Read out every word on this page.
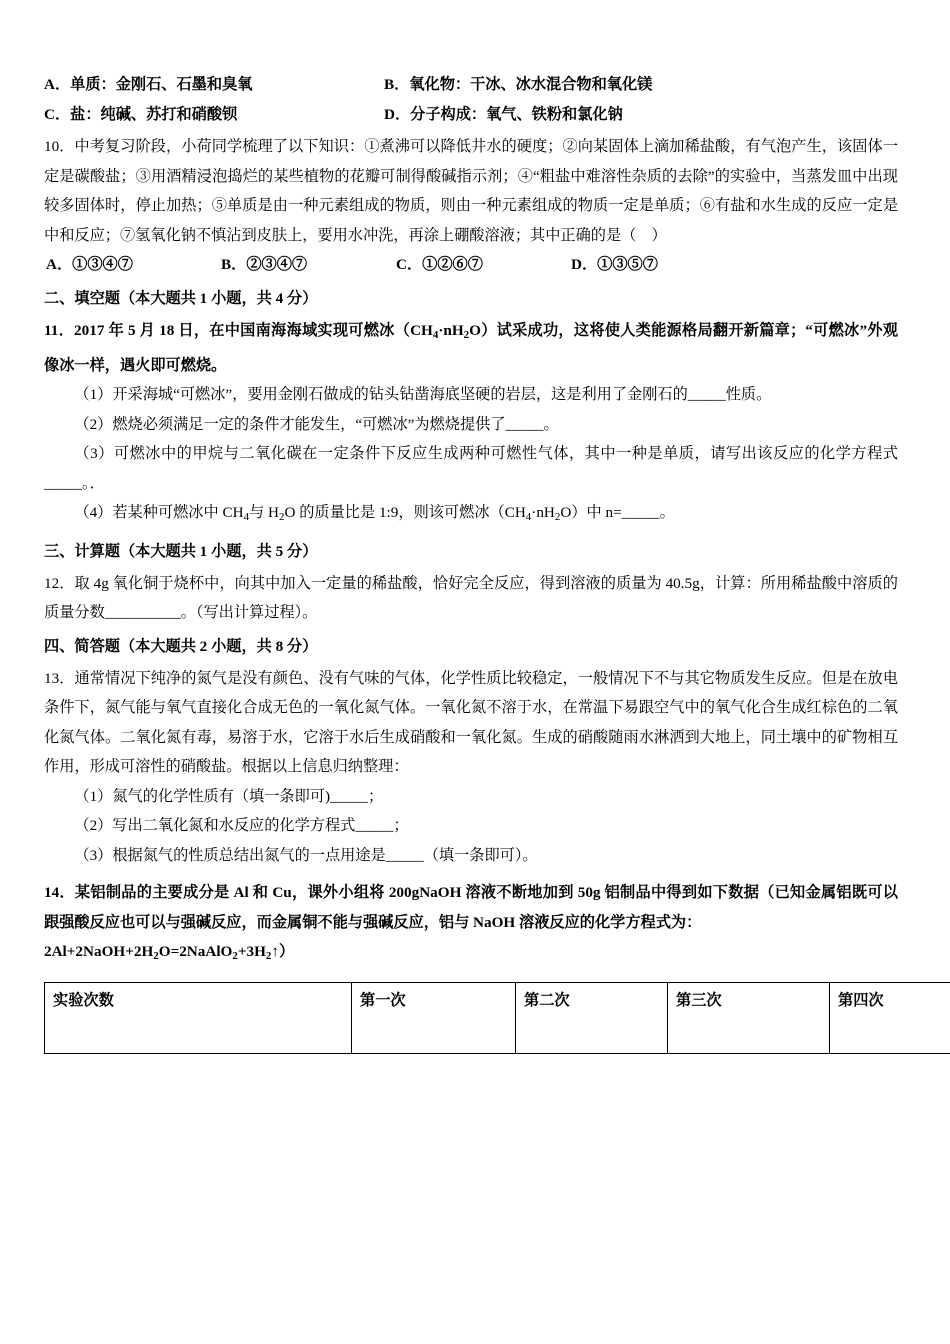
A．单质：金刚石、石墨和臭氧	B．氧化物：干冰、冰水混合物和氧化镁
C．盐：纯碱、苏打和硝酸钡	D．分子构成：氧气、铁粉和氯化钠
10．中考复习阶段，小荷同学梳理了以下知识：①煮沸可以降低井水的硬度；②向某固体上滴加稀盐酸，有气泡产生，该固体一定是碳酸盐；③用酒精浸泡捣烂的某些植物的花瓣可制得酸碱指示剂；④“粗盐中难溶性杂质的去除”的实验中，当蒸发皿中出现较多固体时，停止加热；⑤单质是由一种元素组成的物质，则由一种元素组成的物质一定是单质；⑥有盐和水生成的反应一定是中和反应；⑦氢氧化钠不慎沾到皮肤上，要用水冲洗，再涂上硼酸溶液；其中正确的是（    ）
A．①③④⑦	B．②③④⑦	C．①②⑥⑦	D．①③⑤⑦
二、填空题（本大题共 1 小题，共 4 分）
11．2017 年 5 月 18 日，在中国南海海域实现可燃冰$(CH_4\cdot nH_2O)$试采成功，这将使人类能源格局翻开新篇章；“可燃冰”外观像冰一样，遇火即可燃烧。
（1）开采海城“可燃冰”，要用金刚石做成的钻头钻凿海底坚硬的岩层，这是利用了金刚石的_____性质。
（2）燃烧必须满足一定的条件才能发生，“可燃冰”为燃烧提供了_____。
（3）可燃冰中的甲烷与二氧化碳在一定条件下反应生成两种可燃性气体，其中一种是单质，请写出该反应的化学方程式_____。．
（4）若某种可燃冰中 $CH_4$与 $H_2O$ 的质量比是 1:9，则该可燃冰$(CH_4\cdot nH_2O)$中 n=_____。
三、计算题（本大题共 1 小题，共 5 分）
12．取 4g 氧化铜于烧杯中，向其中加入一定量的稀盐酸，恰好完全反应，得到溶液的质量为 40.5g，计算：所用稀盐酸中溶质的质量分数__________。（写出计算过程）。
四、简答题（本大题共 2 小题，共 8 分）
13．通常情况下纯净的氮气是没有颜色、没有气味的气体，化学性质比较稳定，一般情况下不与其它物质发生反应。但是在放电条件下，氮气能与氧气直接化合成无色的一氧化氮气体。一氧化氮不溶于水，在常温下易跟空气中的氧气化合生成红棕色的二氧化氮气体。二氧化氮有毒，易溶于水，它溶于水后生成硝酸和一氧化氮。生成的硝酸随雨水淋洒到大地上，同土壤中的矿物相互作用，形成可溶性的硝酸盐。根据以上信息归纳整理：
（1）氮气的化学性质有（填一条即可)_____；
（2）写出二氧化氮和水反应的化学方程式_____；
（3）根据氮气的性质总结出氮气的一点用途是_____（填一条即可）。
14．某铝制品的主要成分是 Al 和 Cu，课外小组将 200gNaOH 溶液不断地加到 50g 铝制品中得到如下数据（已知金属铝既可以跟强酸反应也可以与强碱反应，而金属铜不能与强碱反应，铝与 NaOH 溶液反应的化学方程式为：
$2Al+2NaOH+2H_2O=2NaAlO_2+3H_2↑$）
实验次数	第一次	第二次	第三次	第四次
